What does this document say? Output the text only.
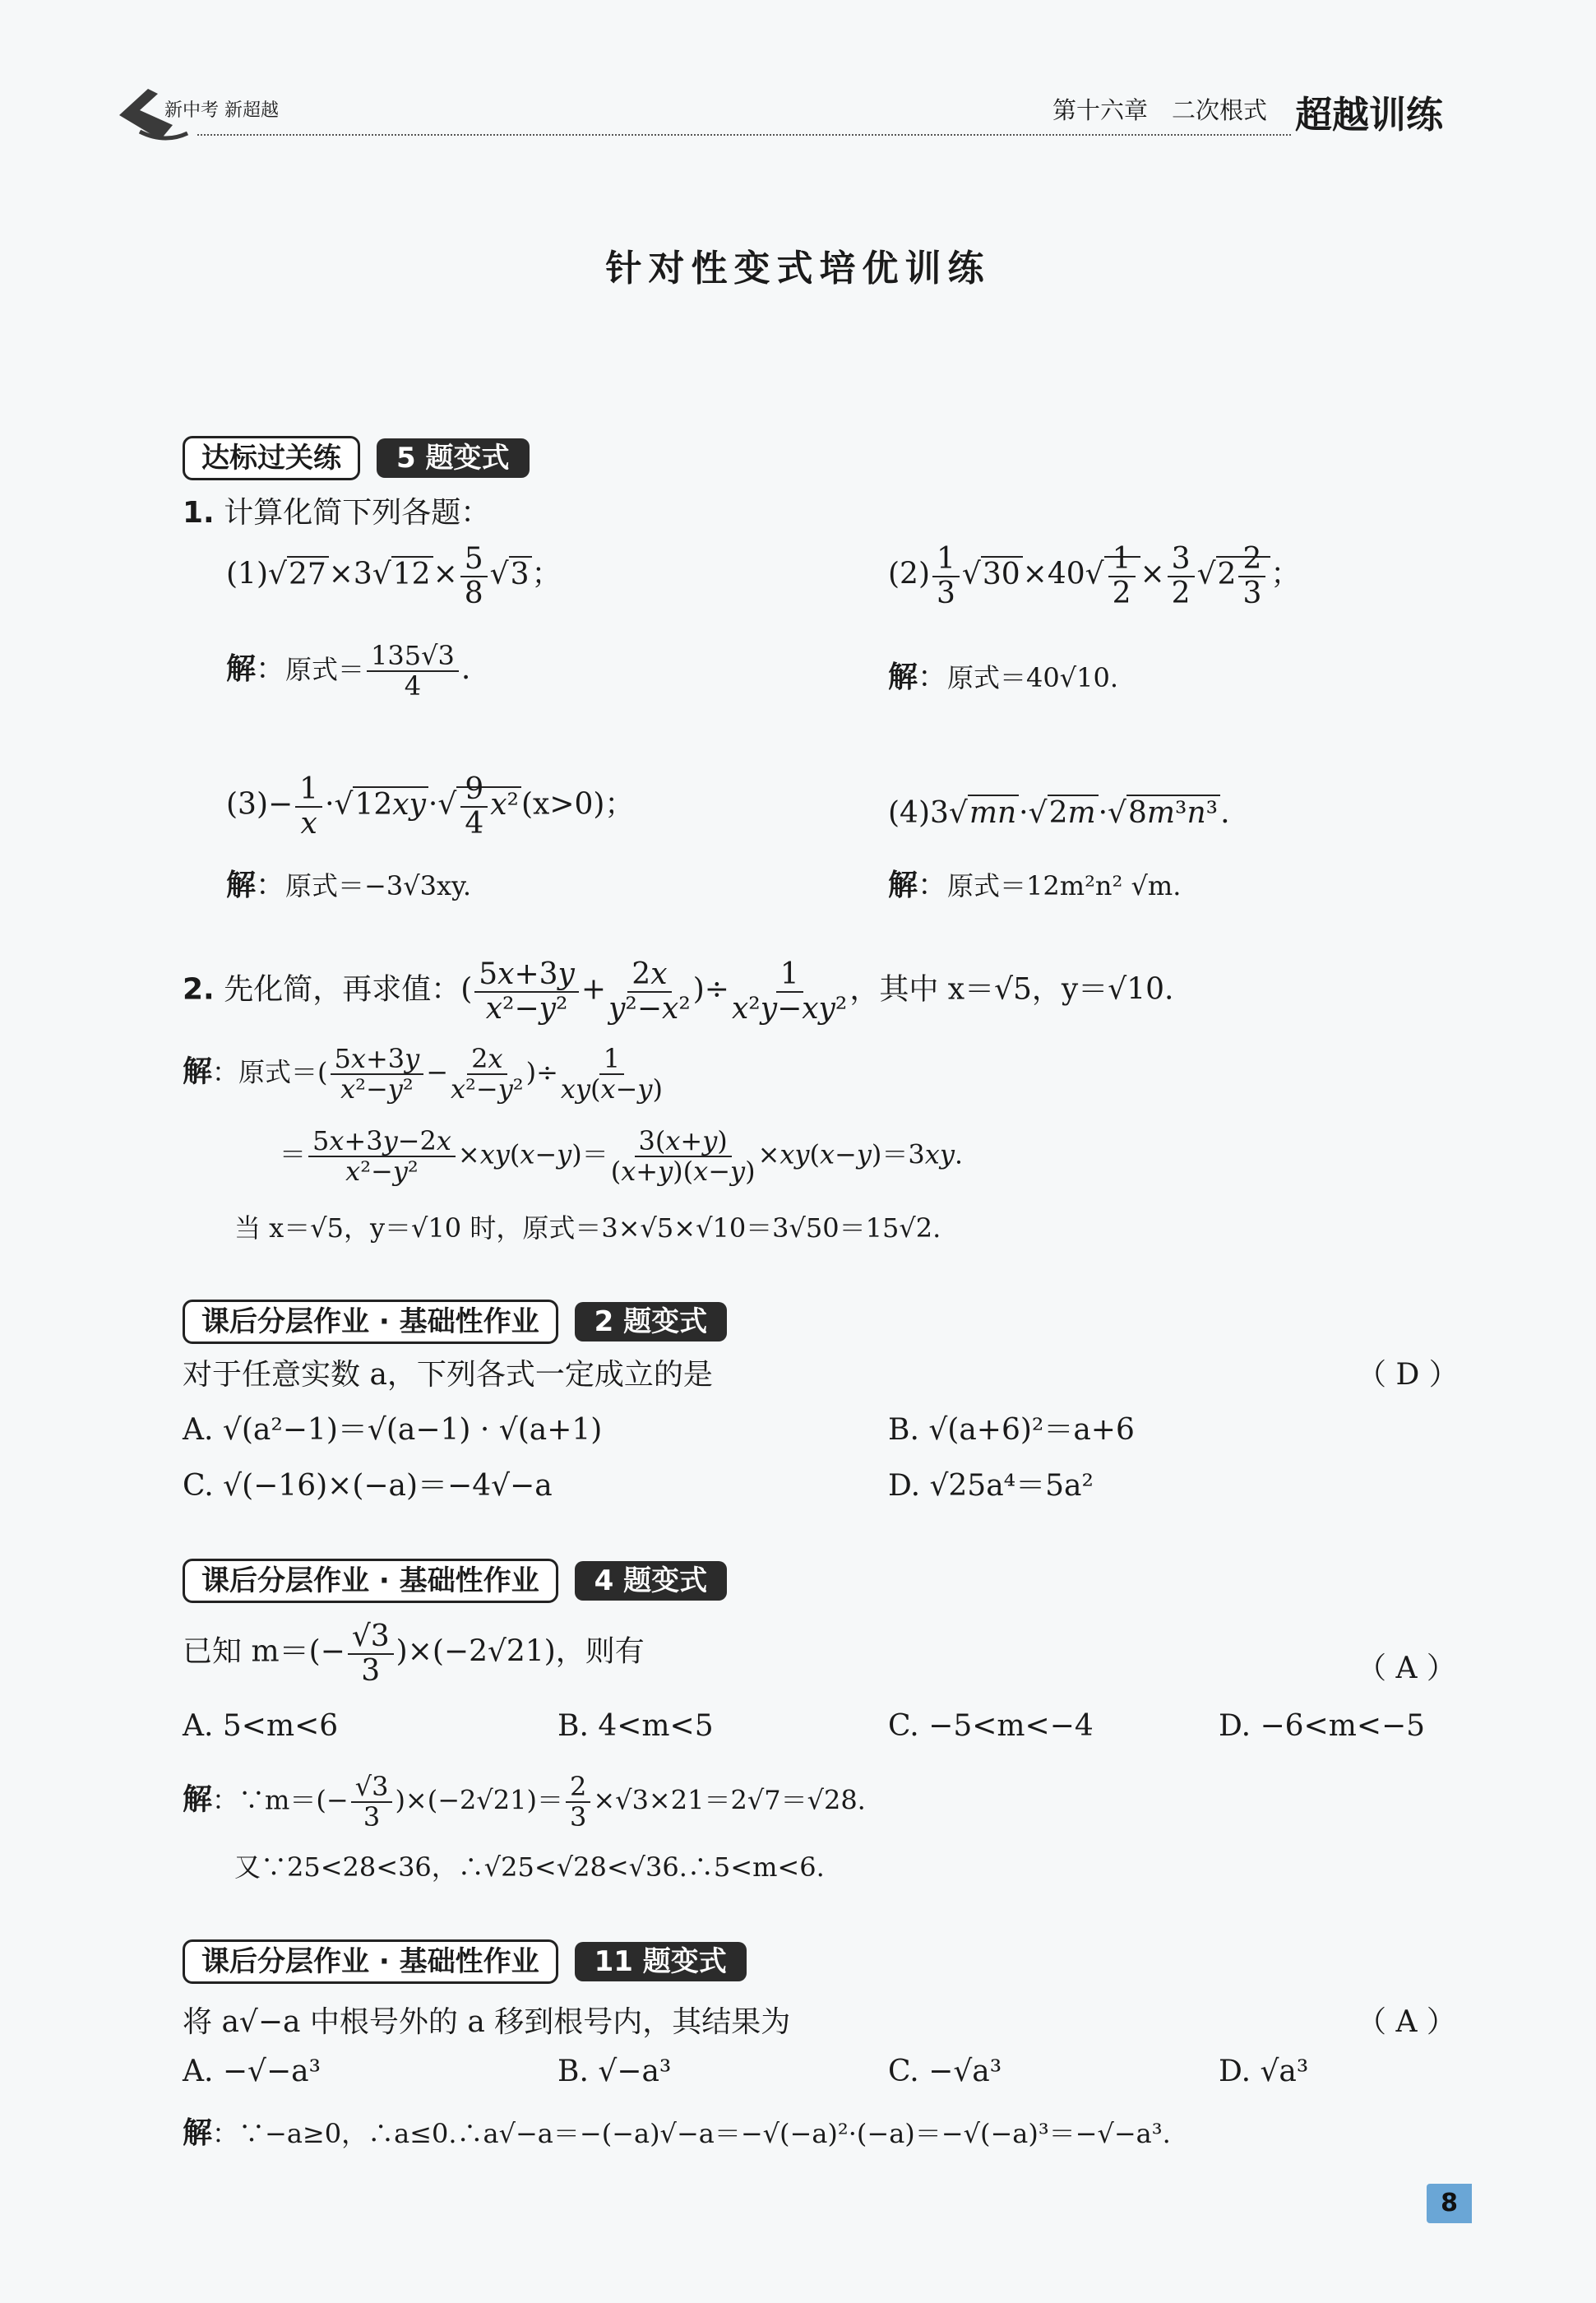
新中考 新超越	第十六章　二次根式 超越训练
针对性变式培优训练
达标过关练	5 题变式
1. 计算化简下列各题：
$(1)√27\times 3√12\times \frac{5}{8} √3$；
解：原式＝ $\frac{135√3}{4}$ .
$(2) \frac{1}{3} √30\times 40√ \frac{1}{2} \times \frac{3}{2} √2 \frac{2}{3}$ ；
解：原式＝40√10.
$(3)- \frac{1}{x} \cdot√12xy\cdot√ \frac{9}{4} x^2(x>0)$；
解：原式＝−3√3xy.
(4)3√mn·√2m·√8m³n³.
解：原式＝12m²n² √m.
2. 先化简，再求值：( $\frac{5x+3y}{\text{x²−y²}} + \frac{2x}{\text{y²−x²}}$ )÷ $\frac{1}{\text{x²y−xy²}}$ ，其中 x＝√5，y＝√10.
解：原式＝( $\frac{5x+3y}{\text{x²−y²}} - \frac{2x}{\text{x²−y²}}$ )÷ $\frac{1}{xy(x-y)}$
＝ $\frac{5x+3y-2x}{\text{x²−y²}} \times xy(x-y)= \frac{3(x+y)}{(x+y)(x-y)} \times xy(x-y)=3xy$.
当 x＝√5，y＝√10 时，原式＝3×√5×√10＝3√50＝15√2.
课后分层作业 · 基础性作业	2 题变式
对于任意实数 a，下列各式一定成立的是	（ D ）
A. √(a²−1)＝√(a−1) · √(a+1)	B. √(a+6)²＝a+6
C. √(−16)×(−a)＝−4√−a	D. √25a⁴＝5a²
课后分层作业 · 基础性作业	4 题变式
已知 $m=(- \frac{√3}{3} )\times(-2√21)$，则有	（ A ）
A. 5<m<6	B. 4<m<5	C. −5<m<−4	D. −6<m<−5
解：∵m＝(− $\frac{√3}{3} )\times(-2√21)= \frac{2}{3} \times√3\times 21=2√7=√28$.
又∵25<28<36，∴√25<√28<√36.∴5<m<6.
课后分层作业 · 基础性作业	11 题变式
将 a√−a 中根号外的 a 移到根号内，其结果为	（ A ）
A. −√−a³	B. √−a³	C. −√a³	D. √a³
解：∵−a≥0，∴a≤0.∴a√−a＝−(−a)√−a＝−√(−a)²·(−a)＝−√(−a)³＝−√−a³.
8
